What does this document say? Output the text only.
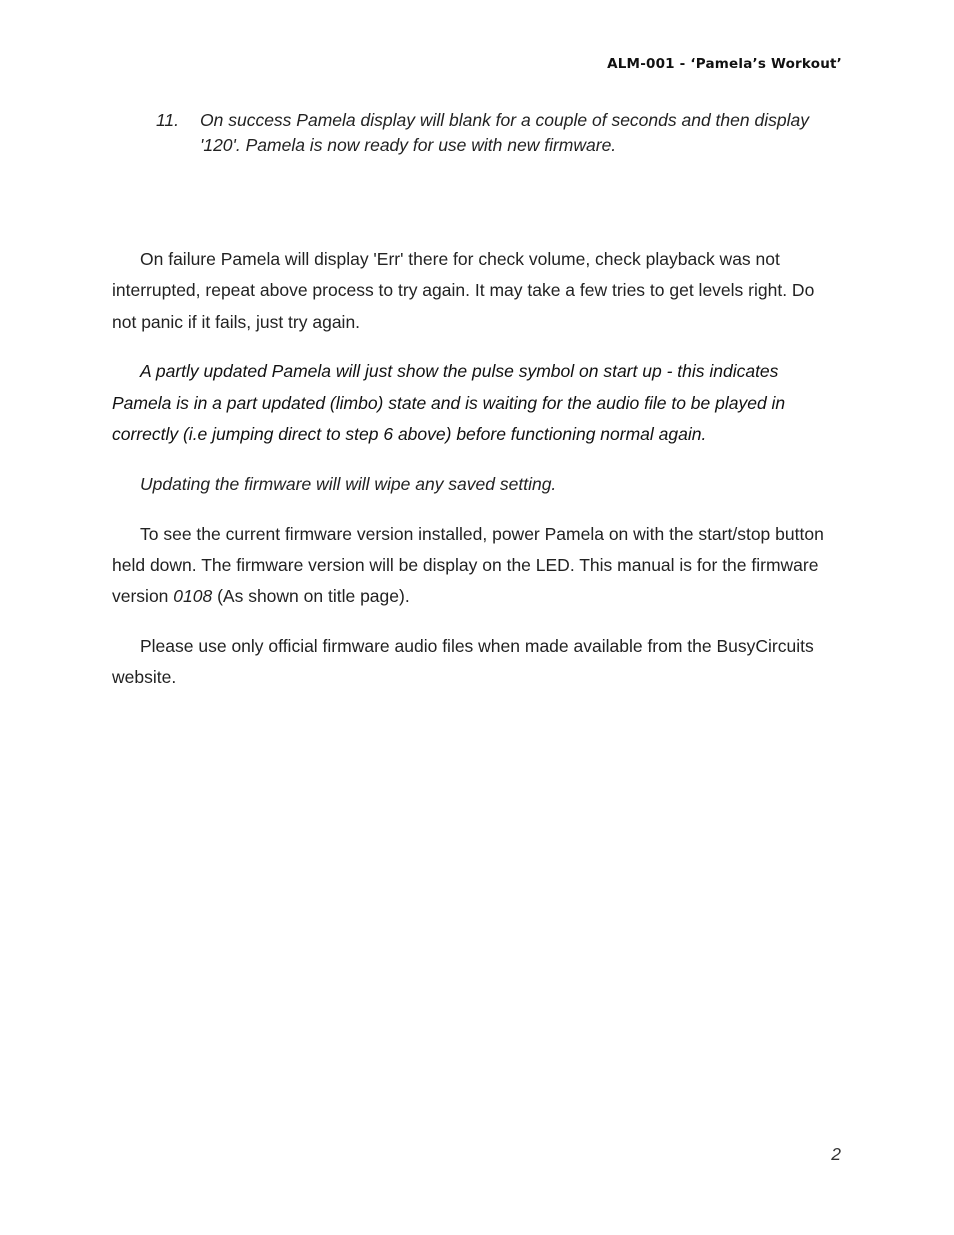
ALM-001 - ‘Pamela’s Workout’
11.	On success Pamela display will blank for a couple of seconds and then display '120'. Pamela is now ready for use with new firmware.

On failure Pamela will display 'Err' there for check volume, check playback was not interrupted, repeat above process to try again. It may take a few tries to get levels right. Do not panic if it fails, just try again.

A partly updated Pamela will just show the pulse symbol on start up - this indicates Pamela is in a part updated (limbo) state and is waiting for the audio file to be played in correctly (i.e jumping direct to step 6 above) before functioning normal again.

Updating the firmware will will wipe any saved setting.

To see the current firmware version installed, power Pamela on with the start/stop button held down. The firmware version will be display on the LED. This manual is for the firmware version 0108 (As shown on title page).

Please use only official firmware audio files when made available from the BusyCircuits website.

2
